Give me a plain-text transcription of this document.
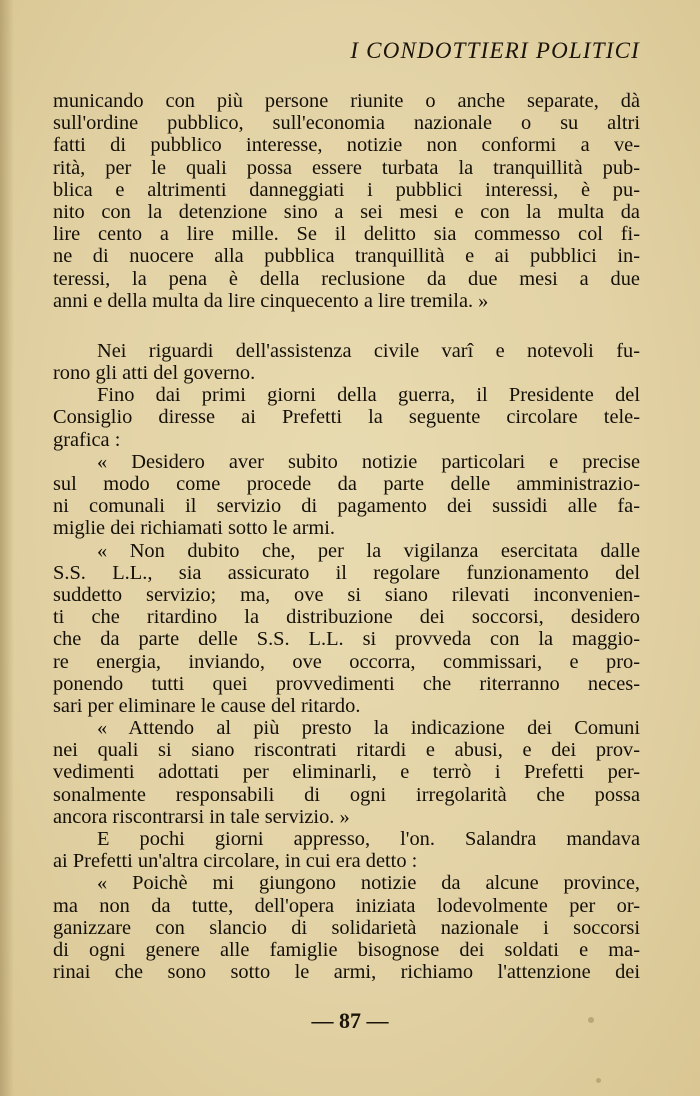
I CONDOTTIERI POLITICI
municando con più persone riunite o anche separate, dà
sull'ordine pubblico, sull'economia nazionale o su altri
fatti di pubblico interesse, notizie non conformi a ve-
rità, per le quali possa essere turbata la tranquillità pub-
blica e altrimenti danneggiati i pubblici interessi, è pu-
nito con la detenzione sino a sei mesi e con la multa da
lire cento a lire mille. Se il delitto sia commesso col fi-
ne di nuocere alla pubblica tranquillità e ai pubblici in-
teressi, la pena è della reclusione da due mesi a due
anni e della multa da lire cinquecento a lire tremila. »
Nei riguardi dell'assistenza civile varî e notevoli fu-
rono gli atti del governo.
Fino dai primi giorni della guerra, il Presidente del
Consiglio diresse ai Prefetti la seguente circolare tele-
grafica :
« Desidero aver subito notizie particolari e precise
sul modo come procede da parte delle amministrazio-
ni comunali il servizio di pagamento dei sussidi alle fa-
miglie dei richiamati sotto le armi.
« Non dubito che, per la vigilanza esercitata dalle
S.S. L.L., sia assicurato il regolare funzionamento del
suddetto servizio; ma, ove si siano rilevati inconvenien-
ti che ritardino la distribuzione dei soccorsi, desidero
che da parte delle S.S. L.L. si provveda con la maggio-
re energia, inviando, ove occorra, commissari, e pro-
ponendo tutti quei provvedimenti che riterranno neces-
sari per eliminare le cause del ritardo.
« Attendo al più presto la indicazione dei Comuni
nei quali si siano riscontrati ritardi e abusi, e dei prov-
vedimenti adottati per eliminarli, e terrò i Prefetti per-
sonalmente responsabili di ogni irregolarità che possa
ancora riscontrarsi in tale servizio. »
E pochi giorni appresso, l'on. Salandra mandava
ai Prefetti un'altra circolare, in cui era detto :
« Poichè mi giungono notizie da alcune province,
ma non da tutte, dell'opera iniziata lodevolmente per or-
ganizzare con slancio di solidarietà nazionale i soccorsi
di ogni genere alle famiglie bisognose dei soldati e ma-
rinai che sono sotto le armi, richiamo l'attenzione dei
— 87 —
